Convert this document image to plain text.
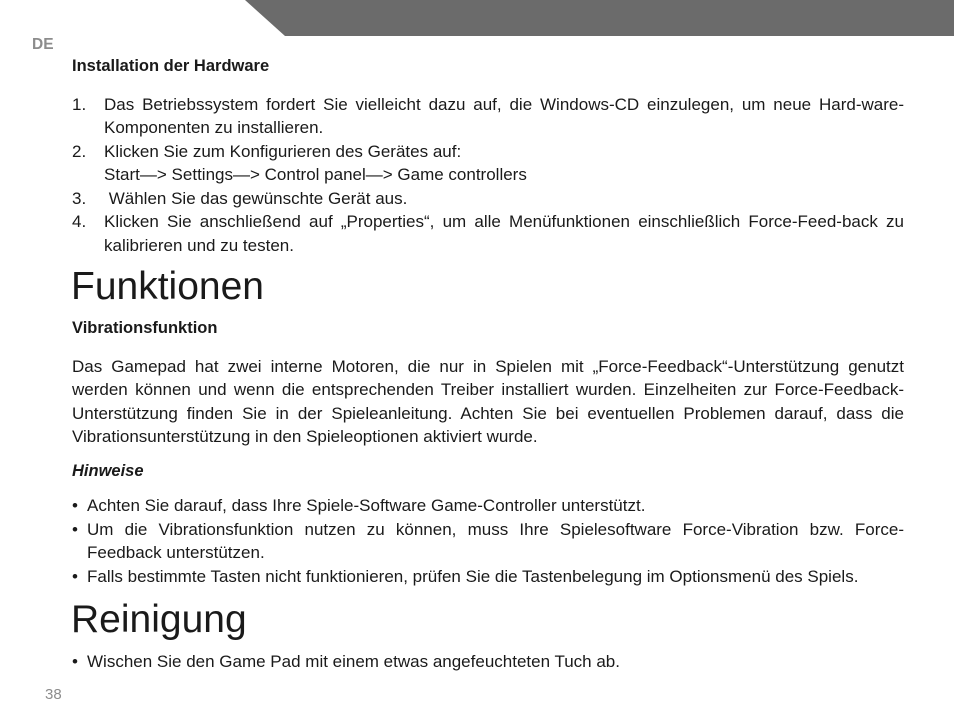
DE
Installation der Hardware
1. Das Betriebssystem fordert Sie vielleicht dazu auf, die Windows-CD einzulegen, um neue Hard-ware-Komponenten zu installieren.
2. Klicken Sie zum Konfigurieren des Gerätes auf:
Start—> Settings—> Control panel—> Game controllers
3. Wählen Sie das gewünschte Gerät aus.
4. Klicken Sie anschließend auf „Properties“, um alle Menüfunktionen einschließlich Force-Feed-back zu kalibrieren und zu testen.
Funktionen
Vibrationsfunktion

Das Gamepad hat zwei interne Motoren, die nur in Spielen mit „Force-Feedback“-Unterstützung genutzt werden können und wenn die entsprechenden Treiber installiert wurden. Einzelheiten zur Force-Feedback-Unterstützung finden Sie in der Spieleanleitung. Achten Sie bei eventuellen Problemen darauf, dass die Vibrationsunterstützung in den Spieleoptionen aktiviert wurde.

Hinweise
• Achten Sie darauf, dass Ihre Spiele-Software Game-Controller unterstützt.
• Um die Vibrationsfunktion nutzen zu können, muss Ihre Spielesoftware Force-Vibration bzw. Force-Feedback unterstützen.
• Falls bestimmte Tasten nicht funktionieren, prüfen Sie die Tastenbelegung im Optionsmenü des Spiels.
Reinigung
• Wischen Sie den Game Pad mit einem etwas angefeuchteten Tuch ab.
38
